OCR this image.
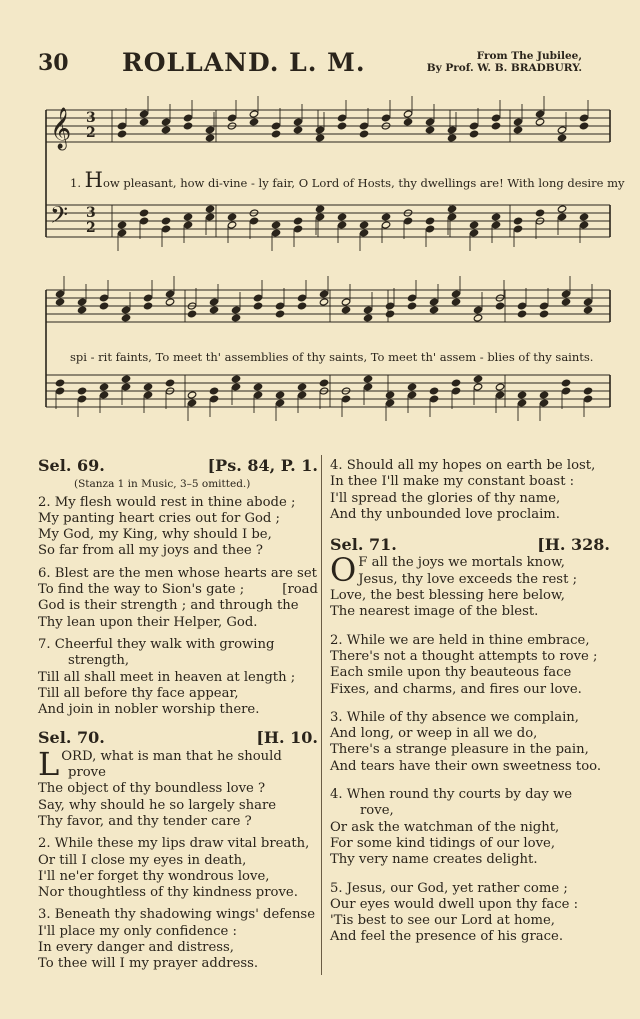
30 ROLLAND. L. M.	From The Jubilee,
By Prof. W. B. BRADBURY.
𝄞
𝄢
3
2
3
2
1. How pleasant, how di-vine - ly fair, O Lord of Hosts, thy dwellings are! With long desire my
spi - rit faints, To meet th' assemblies of thy saints, To meet th' assem - blies of thy saints.
Sel. 69.	[Ps. 84, P. 1.
(Stanza 1 in Music, 3–5 omitted.)

2. My flesh would rest in thine abode ;

My panting heart cries out for God ;

My God, my King, why should I be,

So far from all my joys and thee ?

6. Blest are the men whose hearts are set

To find the way to Sion's gate ;	[road

God is their strength ; and through the

Thy lean upon their Helper, God.

7. Cheerful they walk with growing

strength,

Till all shall meet in heaven at length ;

Till all before thy face appear,

And join in nobler worship there.

Sel. 70.	[H. 10.
L ORD, what is man that he should

prove

The object of thy boundless love ?

Say, why should he so largely share

Thy favor, and thy tender care ?

2. While these my lips draw vital breath,

Or till I close my eyes in death,

I'll ne'er forget thy wondrous love,

Nor thoughtless of thy kindness prove.

3. Beneath thy shadowing wings' defense

I'll place my only confidence :

In every danger and distress,

To thee will I my prayer address.

4. Should all my hopes on earth be lost,

In thee I'll make my constant boast :

I'll spread the glories of thy name,

And thy unbounded love proclaim.

Sel. 71.	[H. 328.
O F all the joys we mortals know,

Jesus, thy love exceeds the rest ;

Love, the best blessing here below,

The nearest image of the blest.

2. While we are held in thine embrace,

There's not a thought attempts to rove ;

Each smile upon thy beauteous face

Fixes, and charms, and fires our love.

3. While of thy absence we complain,

And long, or weep in all we do,

There's a strange pleasure in the pain,

And tears have their own sweetness too.

4. When round thy courts by day we

rove,

Or ask the watchman of the night,

For some kind tidings of our love,

Thy very name creates delight.

5. Jesus, our God, yet rather come ;

Our eyes would dwell upon thy face :

'Tis best to see our Lord at home,

And feel the presence of his grace.
